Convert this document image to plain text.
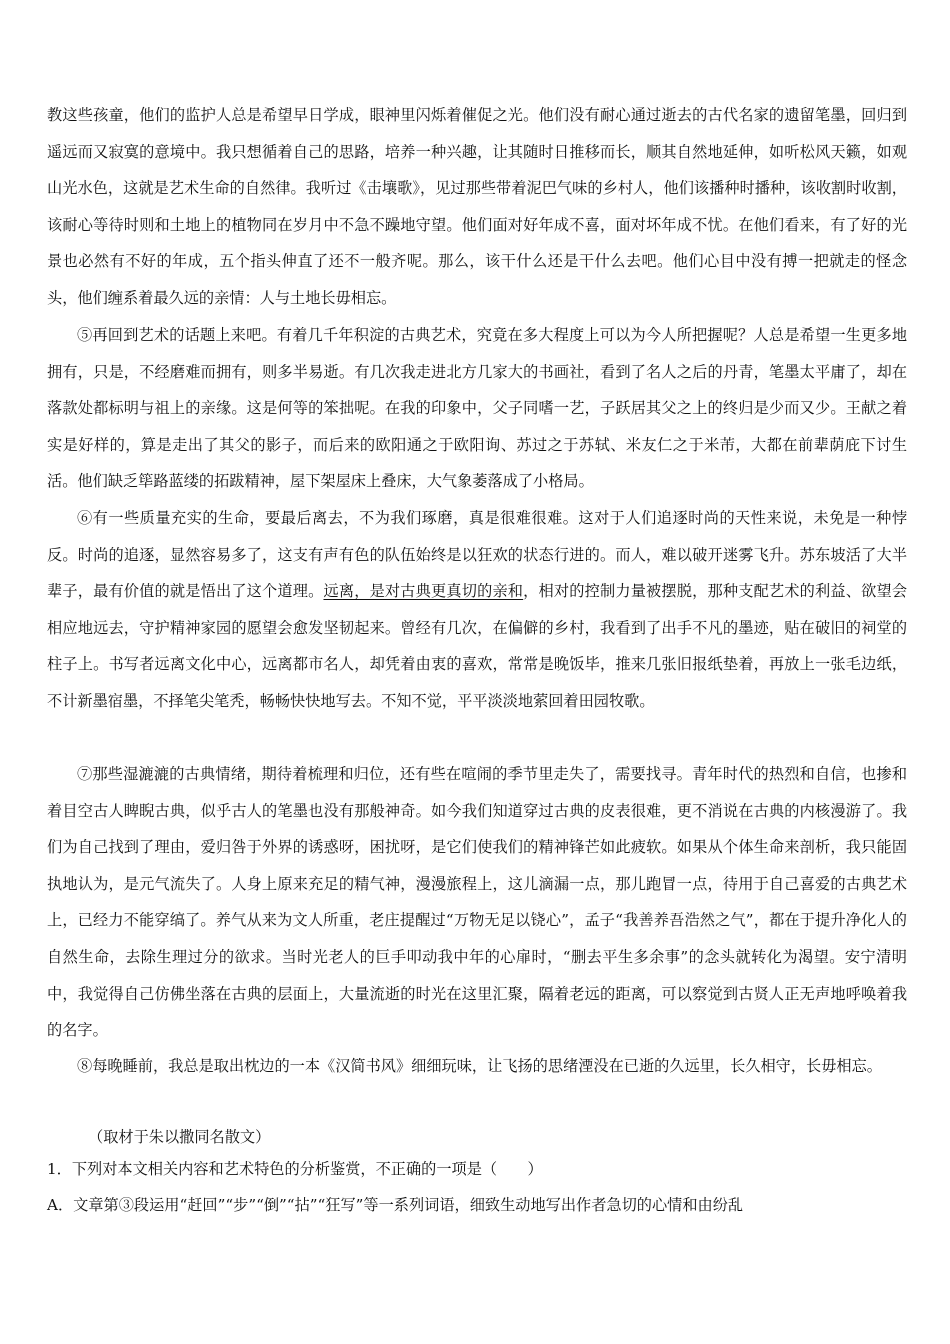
教这些孩童，他们的监护人总是希望早日学成，眼神里闪烁着催促之光。他们没有耐心通过逝去的古代名家的遗留笔墨，回归到遥远而又寂寞的意境中。我只想循着自己的思路，培养一种兴趣，让其随时日推移而长，顺其自然地延伸，如听松风天籁，如观山光水色，这就是艺术生命的自然律。我听过《击壤歌》，见过那些带着泥巴气味的乡村人，他们该播种时播种，该收割时收割，该耐心等待时则和土地上的植物同在岁月中不急不躁地守望。他们面对好年成不喜，面对坏年成不忧。在他们看来，有了好的光景也必然有不好的年成，五个指头伸直了还不一般齐呢。那么，该干什么还是干什么去吧。他们心目中没有搏一把就走的怪念头，他们缠系着最久远的亲情：人与土地长毋相忘。

⑤再回到艺术的话题上来吧。有着几千年积淀的古典艺术，究竟在多大程度上可以为今人所把握呢？人总是希望一生更多地拥有，只是，不经磨难而拥有，则多半易逝。有几次我走进北方几家大的书画社，看到了名人之后的丹青，笔墨太平庸了，却在落款处都标明与祖上的亲缘。这是何等的笨拙呢。在我的印象中，父子同嗜一艺，子跃居其父之上的终归是少而又少。王献之着实是好样的，算是走出了其父的影子，而后来的欧阳通之于欧阳询、苏过之于苏轼、米友仁之于米芾，大都在前辈荫庇下讨生活。他们缺乏筚路蓝缕的拓跋精神，屋下架屋床上叠床，大气象萎落成了小格局。

⑥有一些质量充实的生命，要最后离去，不为我们琢磨，真是很难很难。这对于人们追逐时尚的天性来说，未免是一种悖反。时尚的追逐，显然容易多了，这支有声有色的队伍始终是以狂欢的状态行进的。而人，难以破开迷雾飞升。苏东坡活了大半辈子，最有价值的就是悟出了这个道理。远离，是对古典更真切的亲和，相对的控制力量被摆脱，那种支配艺术的利益、欲望会相应地远去，守护精神家园的愿望会愈发坚韧起来。曾经有几次，在偏僻的乡村，我看到了出手不凡的墨迹，贴在破旧的祠堂的柱子上。书写者远离文化中心，远离都市名人，却凭着由衷的喜欢，常常是晚饭毕，推来几张旧报纸垫着，再放上一张毛边纸，不计新墨宿墨，不择笔尖笔秃，畅畅快快地写去。不知不觉，平平淡淡地萦回着田园牧歌。

⑦那些湿漉漉的古典情绪，期待着梳理和归位，还有些在喧闹的季节里走失了，需要找寻。青年时代的热烈和自信，也掺和着目空古人睥睨古典，似乎古人的笔墨也没有那般神奇。如今我们知道穿过古典的皮表很难，更不消说在古典的内核漫游了。我们为自己找到了理由，爱归咎于外界的诱惑呀，困扰呀，是它们使我们的精神锋芒如此疲软。如果从个体生命来剖析，我只能固执地认为，是元气流失了。人身上原来充足的精气神，漫漫旅程上，这儿滴漏一点，那儿跑冒一点，待用于自己喜爱的古典艺术上，已经力不能穿缟了。养气从来为文人所重，老庄提醒过“万物无足以铙心”，孟子“我善养吾浩然之气”，都在于提升净化人的自然生命，去除生理过分的欲求。当时光老人的巨手叩动我中年的心扉时，“删去平生多余事”的念头就转化为渴望。安宁清明中，我觉得自己仿佛坐落在古典的层面上，大量流逝的时光在这里汇聚，隔着老远的距离，可以察觉到古贤人正无声地呼唤着我的名字。

⑧每晚睡前，我总是取出枕边的一本《汉简书风》细细玩味，让飞扬的思绪湮没在已逝的久远里，长久相守，长毋相忘。

（取材于朱以撒同名散文）
1．下列对本文相关内容和艺术特色的分析鉴赏，不正确的一项是（　　）
A．文章第③段运用“赶回”“步”“倒”“拈”“狂写”等一系列词语，细致生动地写出作者急切的心情和由纷乱
